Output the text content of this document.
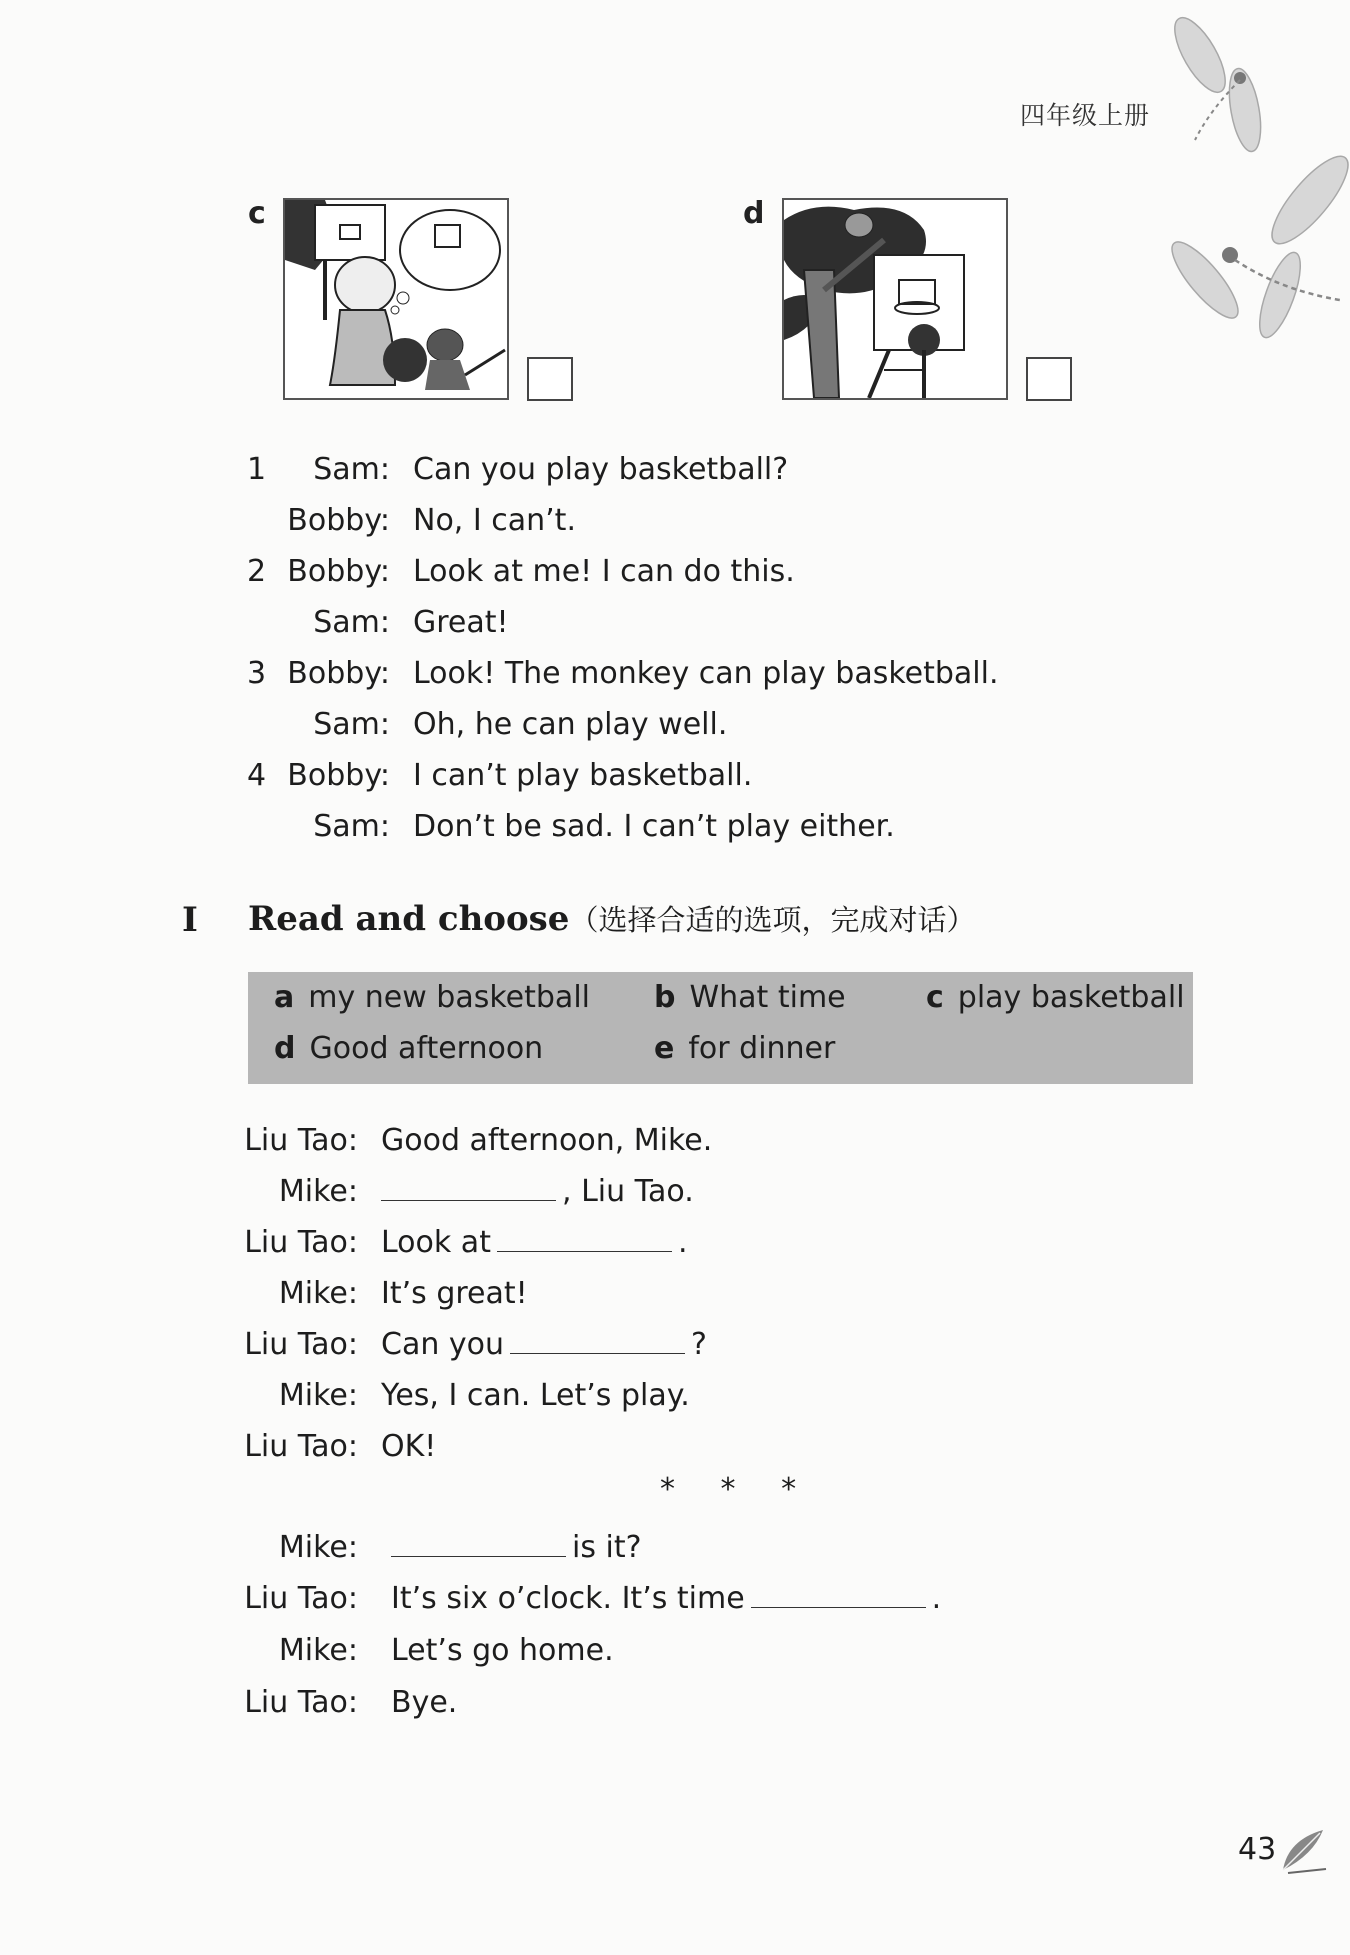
四年级上册
c	d
1	Sam: Can you play basketball?
Bobby: No, I can’t.
2 Bobby: Look at me! I can do this.
Sam: Great!
3 Bobby: Look! The monkey can play basketball.
Sam: Oh, he can play well.
4 Bobby: I can’t play basketball.
Sam: Don’t be sad. I can’t play either.
I Read and choose（选择合适的选项，完成对话）
a my new basketball b What time	c play basketball
d Good afternoon	e for dinner
Liu Tao: Good afternoon, Mike.
Mike:	, Liu Tao.
Liu Tao: Look at	.
Mike: It’s great!
Liu Tao: Can you	?
Mike: Yes, I can. Let’s play.
Liu Tao: OK!
* * *
Mike:	is it?
Liu Tao: It’s six o’clock. It’s time	.
Mike: Let’s go home.
Liu Tao: Bye.
43
